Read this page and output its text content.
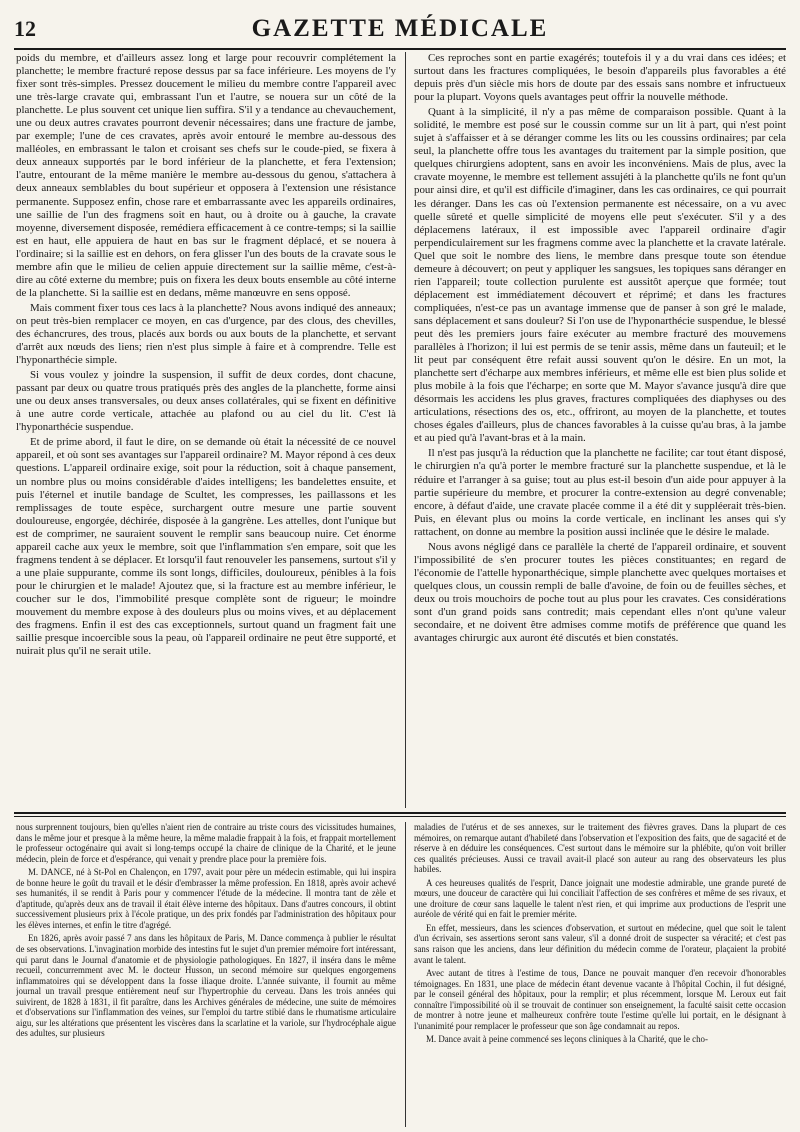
12	GAZETTE MÉDICALE

poids du membre, et d'ailleurs assez long et large pour recouvrir complétement la planchette; le membre fracturé repose dessus par sa face inférieure. Les moyens de l'y fixer sont très-simples. Pressez doucement le milieu du membre contre l'appareil avec une très-large cravate qui, embrassant l'un et l'autre, se nouera sur un côté de la planchette. Le plus souvent cet unique lien suffira. S'il y a tendance au chevauchement, une ou deux autres cravates pourront devenir nécessaires; dans une fracture de jambe, par exemple; l'une de ces cravates, après avoir entouré le membre au-dessous des malléoles, en embrassant le talon et croisant ses chefs sur le coude-pied, se fixera à deux anneaux supportés par le bord inférieur de la planchette, et fera l'extension; l'autre, entourant de la même manière le membre au-dessous du genou, s'attachera à deux anneaux semblables du bout supérieur et opposera à l'extension une résistance permanente. Supposez enfin, chose rare et embarrassante avec les appareils ordinaires, une saillie de l'un des fragmens soit en haut, ou à droite ou à gauche, la cravate moyenne, diversement disposée, remédiera efficacement à ce contre-temps; si la saillie est en haut, elle appuiera de haut en bas sur le fragment déplacé, et se nouera à l'ordinaire; si la saillie est en dehors, on fera glisser l'un des bouts de la cravate sous le membre afin que le milieu de celien appuie directement sur la saillie même, c'est-à-dire au côté externe du membre; puis on fixera les deux bouts ensemble au côté interne de la planchette. Si la saillie est en dedans, même manœuvre en sens opposé.

Mais comment fixer tous ces lacs à la planchette? Nous avons indiqué des anneaux; on peut très-bien remplacer ce moyen, en cas d'urgence, par des clous, des chevilles, des échancrures, des trous, placés aux bords ou aux bouts de la planchette, et servant d'arrêt aux nœuds des liens; rien n'est plus simple à faire et à comprendre. Telle est l'hyponarthécie simple.

Si vous voulez y joindre la suspension, il suffit de deux cordes, dont chacune, passant par deux ou quatre trous pratiqués près des angles de la planchette, forme ainsi une ou deux anses transversales, ou deux anses collatérales, qui se fixent en définitive à une autre corde verticale, attachée au plafond ou au ciel du lit. C'est là l'hyponarthécie suspendue.

Et de prime abord, il faut le dire, on se demande où était la nécessité de ce nouvel appareil, et où sont ses avantages sur l'appareil ordinaire? M. Mayor répond à ces deux questions. L'appareil ordinaire exige, soit pour la réduction, soit à chaque pansement, un nombre plus ou moins considérable d'aides intelligens; les bandelettes ensuite, et puis l'éternel et inutile bandage de Scultet, les compresses, les paillassons et les remplissages de toute espèce, surchargent outre mesure une partie souvent douloureuse, engorgée, déchirée, disposée à la gangrène. Les attelles, dont l'unique but est de comprimer, ne sauraient souvent le remplir sans beaucoup nuire. Cet énorme appareil cache aux yeux le membre, soit que l'inflammation s'en empare, soit que les fragmens tendent à se déplacer. Et lorsqu'il faut renouveler les pansemens, surtout s'il y a une plaie suppurante, comme ils sont longs, difficiles, douloureux, pénibles à la fois pour le chirurgien et le malade! Ajoutez que, si la fracture est au membre inférieur, le coucher sur le dos, l'immobilité presque complète sont de rigueur; le moindre mouvement du membre expose à des douleurs plus ou moins vives, et au déplacement des fragmens. Enfin il est des cas exceptionnels, surtout quand un fragment fait une saillie presque incoercible sous la peau, où l'appareil ordinaire ne peut être supporté, et nuirait plus qu'il ne serait utile.

Ces reproches sont en partie exagérés; toutefois il y a du vrai dans ces idées; et surtout dans les fractures compliquées, le besoin d'appareils plus favorables a été depuis près d'un siècle mis hors de doute par des essais sans nombre et infructueux pour la plupart. Voyons quels avantages peut offrir la nouvelle méthode.

Quant à la simplicité, il n'y a pas même de comparaison possible. Quant à la solidité, le membre est posé sur le coussin comme sur un lit à part, qui n'est point sujet à s'affaisser et à se déranger comme les lits ou les coussins ordinaires; par cela seul, la planchette offre tous les avantages du traitement par la simple position, que quelques chirurgiens adoptent, sans en avoir les inconvéniens. Mais de plus, avec la cravate moyenne, le membre est tellement assujéti à la planchette qu'ils ne font qu'un pour ainsi dire, et qu'il est difficile d'imaginer, dans les cas ordinaires, ce qui pourrait les déranger. Dans les cas où l'extension permanente est nécessaire, on a vu avec quelle sûreté et quelle simplicité de moyens elle peut s'exécuter. S'il y a des déplacemens latéraux, il est impossible avec l'appareil ordinaire d'agir perpendiculairement sur les fragmens comme avec la planchette et la cravate latérale. Quel que soit le nombre des liens, le membre dans presque toute son étendue demeure à découvert; on peut y appliquer les sangsues, les topiques sans déranger en rien l'appareil; toute collection purulente est aussitôt aperçue que formée; tout déplacement est immédiatement découvert et réprimé; et dans les fractures compliquées, n'est-ce pas un avantage immense que de panser à son gré le malade, sans déplacement et sans douleur? Si l'on use de l'hyponarthécie suspendue, le blessé peut dès les premiers jours faire exécuter au membre fracturé des mouvemens parallèles à l'horizon; il lui est permis de se tenir assis, même dans un fauteuil; et le lit peut par conséquent être refait aussi souvent qu'on le désire. En un mot, la planchette sert d'écharpe aux membres inférieurs, et même elle est bien plus solide et plus mobile à la fois que l'écharpe; en sorte que M. Mayor s'avance jusqu'à dire que désormais les accidens les plus graves, fractures compliquées des diaphyses ou des articulations, résections des os, etc., offriront, au moyen de la planchette, et toutes choses égales d'ailleurs, plus de chances favorables à la cuisse qu'au bras, à la jambe et au pied qu'à l'avant-bras et à la main.

Il n'est pas jusqu'à la réduction que la planchette ne facilite; car tout étant disposé, le chirurgien n'a qu'à porter le membre fracturé sur la planchette suspendue, et là le réduire et l'arranger à sa guise; tout au plus est-il besoin d'un aide pour appuyer à la partie supérieure du membre, et procurer la contre-extension au degré convenable; encore, à défaut d'aide, une cravate placée comme il a été dit y suppléerait très-bien. Puis, en élevant plus ou moins la corde verticale, en inclinant les anses qui s'y rattachent, on donne au membre la position aussi inclinée que le désire le malade.

Nous avons négligé dans ce parallèle la cherté de l'appareil ordinaire, et souvent l'impossibilité de s'en procurer toutes les pièces constituantes; en regard de l'économie de l'attelle hyponarthécique, simple planchette avec quelques mortaises et quelques clous, un coussin rempli de balle d'avoine, de foin ou de feuilles sèches, et deux ou trois mouchoirs de poche tout au plus pour les cravates. Ces considérations sont d'un grand poids sans contredit; mais cependant elles n'ont qu'une valeur secondaire, et ne doivent être admises comme motifs de préférence que quand les avantages chirurgic aux auront été discutés et bien constatés.

nous surprennent toujours, bien qu'elles n'aient rien de contraire au triste cours des vicissitudes humaines, dans le même jour et presque à la même heure, la même maladie frappait à la fois, et frappait mortellement le professeur octogénaire qui avait si long-temps occupé la chaire de clinique de la Charité, et le jeune médecin, plein de force et d'espérance, qui venait y prendre place pour la première fois.

M. DANCE, né à St-Pol en Chalençon, en 1797, avait pour père un médecin estimable, qui lui inspira de bonne heure le goût du travail et le désir d'embrasser la même profession. En 1818, après avoir achevé ses humanités, il se rendit à Paris pour y commencer l'étude de la médecine. Il montra tant de zèle et d'aptitude, qu'après deux ans de travail il était élève interne des hôpitaux. Dans d'autres concours, il obtint successivement plusieurs prix à l'école pratique, un des prix fondés par l'administration des hôpitaux pour les élèves internes, et enfin le titre d'agrégé.

En 1826, après avoir passé 7 ans dans les hôpitaux de Paris, M. Dance commença à publier le résultat de ses observations. L'invagination morbide des intestins fut le sujet d'un premier mémoire fort intéressant, qui parut dans le Journal d'anatomie et de physiologie pathologiques. En 1827, il inséra dans le même recueil, concurremment avec M. le docteur Husson, un second mémoire sur quelques engorgemens inflammatoires qui se développent dans la fosse iliaque droite. L'année suivante, il fournit au même journal un travail presque entièrement neuf sur l'hypertrophie du cerveau. Dans les trois années qui suivirent, de 1828 à 1831, il fit paraître, dans les Archives générales de médecine, une suite de mémoires et d'observations sur l'inflammation des veines, sur l'emploi du tartre stibié dans le rhumatisme articulaire aigu, sur les altérations que présentent les viscères dans la scarlatine et la variole, sur l'hydrocéphale aigue des adultes, sur plusieurs

maladies de l'utérus et de ses annexes, sur le traitement des fièvres graves. Dans la plupart de ces mémoires, on remarque autant d'habileté dans l'observation et l'exposition des faits, que de sagacité et de réserve à en déduire les conséquences. C'est surtout dans le mémoire sur la phlébite, qu'on voit briller ces qualités précieuses. Aussi ce travail avait-il placé son auteur au rang des observateurs les plus habiles.

A ces heureuses qualités de l'esprit, Dance joignait une modestie admirable, une grande pureté de mœurs, une douceur de caractère qui lui conciliait l'affection de ses confrères et même de ses rivaux, et une droiture de cœur sans laquelle le talent n'est rien, et qui imprime aux productions de l'esprit une auréole de vérité qui en fait le premier mérite.

En effet, messieurs, dans les sciences d'observation, et surtout en médecine, quel que soit le talent d'un écrivain, ses assertions seront sans valeur, s'il a donné droit de suspecter sa véracité; et c'est pas sans raison que les anciens, dans leur définition du médecin comme de l'orateur, plaçaient la probité avant le talent.

Avec autant de titres à l'estime de tous, Dance ne pouvait manquer d'en recevoir d'honorables témoignages. En 1831, une place de médecin étant devenue vacante à l'hôpital Cochin, il fut désigné, par le conseil général des hôpitaux, pour la remplir; et plus récemment, lorsque M. Leroux eut fait connaître l'impossibilité où il se trouvait de continuer son enseignement, la faculté saisit cette occasion de montrer à notre jeune et malheureux confrère toute l'estime qu'elle lui portait, en le désignant à l'unanimité pour remplacer le professeur que son âge condamnait au repos.

M. Dance avait à peine commencé ses leçons cliniques à la Charité, que le cho-
